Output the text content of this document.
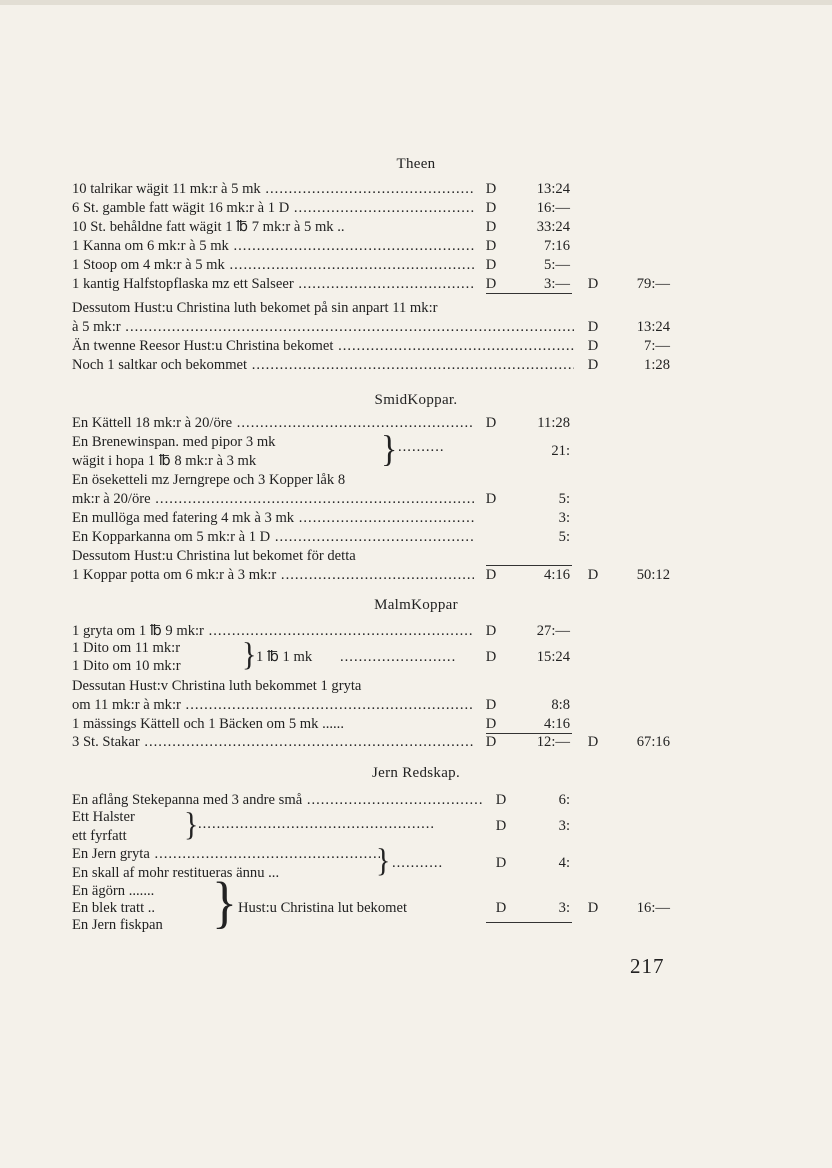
Theen
10 talrikar wägit 11 mk:r à 5 mk .....	D	13:24
6 St. gamble fatt wägit 16 mk:r à 1 D .....	D	16:—
10 St. behåldne fatt wägit 1 ℔ 7 mk:r à 5 mk ..	D	33:24
1 Kanna om 6 mk:r à 5 mk .....	D	7:16
1 Stoop om 4 mk:r à 5 mk .....	D	5:—
1 kantig Halfstopflaska mz ett Salseer .....	D	3:— D	79:—
Dessutom Hust:u Christina luth bekomet på sin anpart 11 mk:r
à 5 mk:r .....	D	13:24
Än twenne Reesor Hust:u Christina bekomet .....	D	7:—
Noch 1 saltkar och bekommet .....	D	1:28
SmidKoppar.
En Kättell 18 mk:r à 20/öre .....	D	11:28
En Brenewinspan. med pipor 3 mk
wägit i hopa 1 ℔ 8 mk:r à 3 mk	} ..........	21:
En öseketteli mz Jerngrepe och 3 Kopper låk 8
mk:r à 20/öre .....	D	5:
En mullöga med fatering 4 mk à 3 mk .....	3:
En Kopparkanna om 5 mk:r à 1 D .....	5:
Dessutom Hust:u Christina lut bekomet för detta
1 Koppar potta om 6 mk:r à 3 mk:r .....	D	4:16 D	50:12
MalmKoppar
1 gryta om 1 ℔ 9 mk:r .....	D	27:—
1 Dito om 11 mk:r
1 Dito om 10 mk:r	} 1 ℔ 1 mk .........................	D	15:24
Dessutan Hust:v Christina luth bekommet 1 gryta
om 11 mk:r à mk:r .....	D	8:8
1 mässings Kättell och 1 Bäcken om 5 mk ......	D	4:16
3 St. Stakar .....	D	12:— D	67:16
Jern Redskap.
En aflång Stekepanna med 3 andre små .....	D	6:
Ett Halster
ett fyrfatt	} ...................................................	D	3:
En Jern gryta .....
En skall af mohr restitueras ännu ...	} ...........	D	4:
En ägörn .......
En blek tratt ..
En Jern fiskpan } Hust:u Christina lut bekomet	D	3: D	16:—
217
